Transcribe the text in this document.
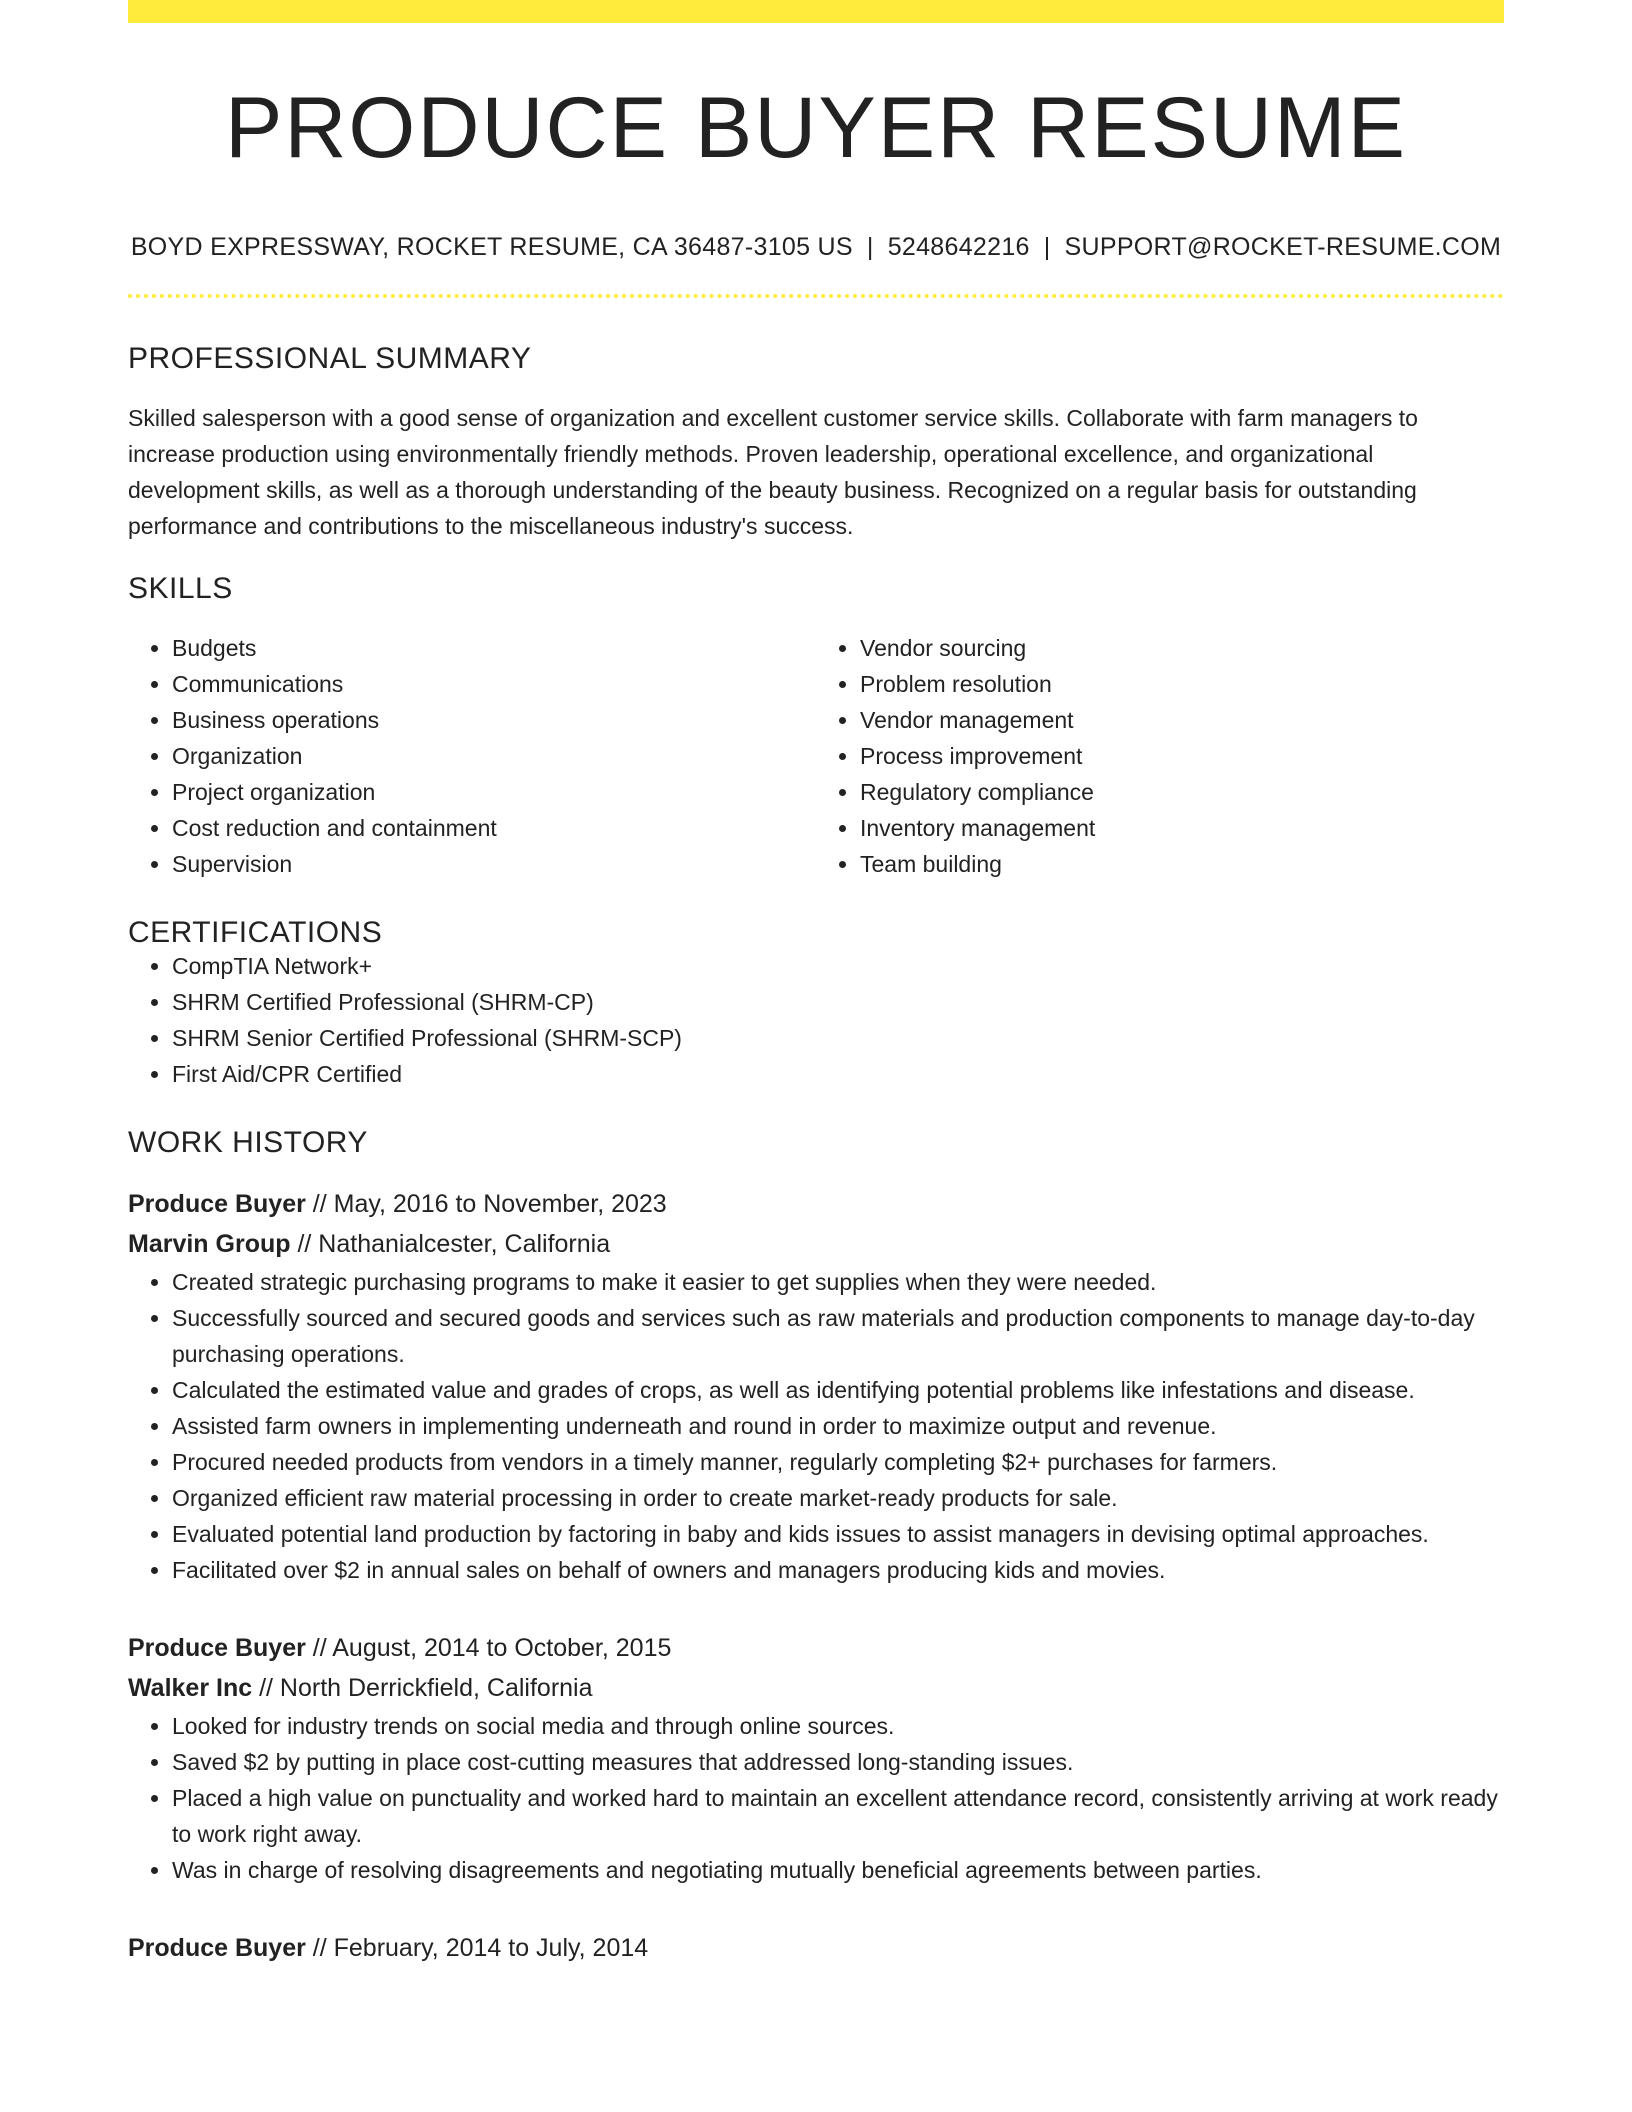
PRODUCE BUYER RESUME
BOYD EXPRESSWAY, ROCKET RESUME, CA 36487-3105 US | 5248642216 | SUPPORT@ROCKET-RESUME.COM
PROFESSIONAL SUMMARY

Skilled salesperson with a good sense of organization and excellent customer service skills. Collaborate with farm managers to increase production using environmentally friendly methods. Proven leadership, operational excellence, and organizational development skills, as well as a thorough understanding of the beauty business. Recognized on a regular basis for outstanding performance and contributions to the miscellaneous industry's success.

SKILLS
• Budgets
• Communications
• Business operations
• Organization
• Project organization
• Cost reduction and containment
• Supervision
• Vendor sourcing
• Problem resolution
• Vendor management
• Process improvement
• Regulatory compliance
• Inventory management
• Team building
CERTIFICATIONS
• CompTIA Network+
• SHRM Certified Professional (SHRM-CP)
• SHRM Senior Certified Professional (SHRM-SCP)
• First Aid/CPR Certified
WORK HISTORY
Produce Buyer // May, 2016 to November, 2023
Marvin Group // Nathanialcester, California
• Created strategic purchasing programs to make it easier to get supplies when they were needed.
• Successfully sourced and secured goods and services such as raw materials and production components to manage day-to-day purchasing operations.
• Calculated the estimated value and grades of crops, as well as identifying potential problems like infestations and disease.
• Assisted farm owners in implementing underneath and round in order to maximize output and revenue.
• Procured needed products from vendors in a timely manner, regularly completing $2+ purchases for farmers.
• Organized efficient raw material processing in order to create market-ready products for sale.
• Evaluated potential land production by factoring in baby and kids issues to assist managers in devising optimal approaches.
• Facilitated over $2 in annual sales on behalf of owners and managers producing kids and movies.
Produce Buyer // August, 2014 to October, 2015
Walker Inc // North Derrickfield, California
• Looked for industry trends on social media and through online sources.
• Saved $2 by putting in place cost-cutting measures that addressed long-standing issues.
• Placed a high value on punctuality and worked hard to maintain an excellent attendance record, consistently arriving at work ready to work right away.
• Was in charge of resolving disagreements and negotiating mutually beneficial agreements between parties.
Produce Buyer // February, 2014 to July, 2014
